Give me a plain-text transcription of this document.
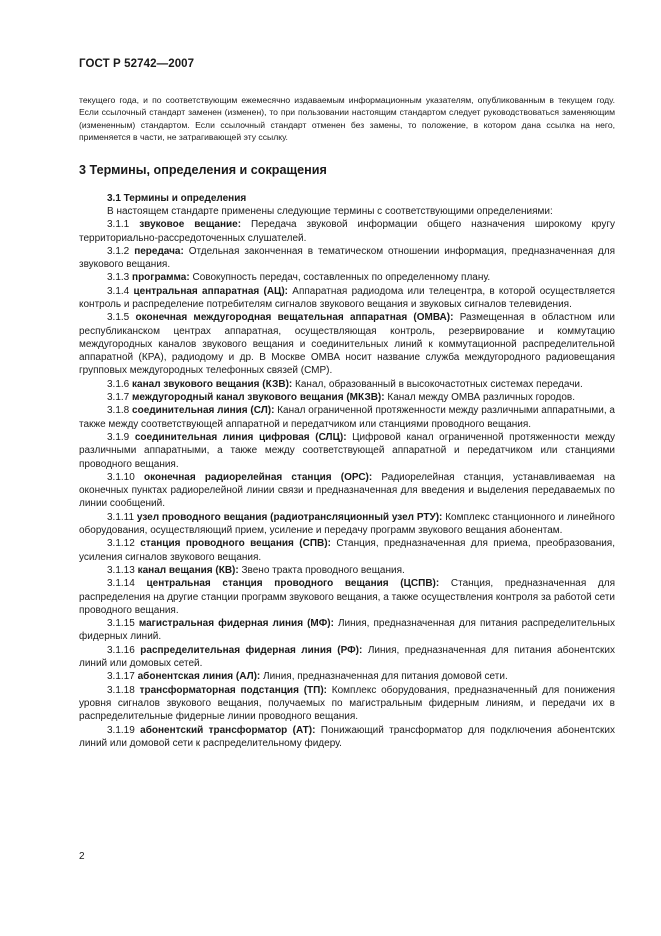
ГОСТ Р 52742—2007

текущего года, и по соответствующим ежемесячно издаваемым информационным указателям, опубликованным в текущем году. Если ссылочный стандарт заменен (изменен), то при пользовании настоящим стандартом следует руководствоваться заменяющим (измененным) стандартом. Если ссылочный стандарт отменен без замены, то положение, в котором дана ссылка на него, применяется в части, не затрагивающей эту ссылку.

3 Термины, определения и сокращения
3.1 Термины и определения

В настоящем стандарте применены следующие термины с соответствующими определениями:

3.1.1 звуковое вещание: Передача звуковой информации общего назначения широкому кругу территориально-рассредоточенных слушателей.

3.1.2 передача: Отдельная законченная в тематическом отношении информация, предназначенная для звукового вещания.

3.1.3 программа: Совокупность передач, составленных по определенному плану.

3.1.4 центральная аппаратная (АЦ): Аппаратная радиодома или телецентра, в которой осуществляется контроль и распределение потребителям сигналов звукового вещания и звуковых сигналов телевидения.

3.1.5 оконечная междугородная вещательная аппаратная (ОМВА): Размещенная в областном или республиканском центрах аппаратная, осуществляющая контроль, резервирование и коммутацию междугородных каналов звукового вещания и соединительных линий к коммутационной распределительной аппаратной (КРА), радиодому и др. В Москве ОМВА носит название служба междугородного радиовещания групповых междугородных телефонных связей (СМР).

3.1.6 канал звукового вещания (КЗВ): Канал, образованный в высокочастотных системах передачи.

3.1.7 междугородный канал звукового вещания (МКЗВ): Канал между ОМВА различных городов.

3.1.8 соединительная линия (СЛ): Канал ограниченной протяженности между различными аппаратными, а также между соответствующей аппаратной и передатчиком или станциями проводного вещания.

3.1.9 соединительная линия цифровая (СЛЦ): Цифровой канал ограниченной протяженности между различными аппаратными, а также между соответствующей аппаратной и передатчиком или станциями проводного вещания.

3.1.10 оконечная радиорелейная станция (ОРС): Радиорелейная станция, устанавливаемая на оконечных пунктах радиорелейной линии связи и предназначенная для введения и выделения передаваемых по линии сообщений.

3.1.11 узел проводного вещания (радиотрансляционный узел РТУ): Комплекс станционного и линейного оборудования, осуществляющий прием, усиление и передачу программ звукового вещания абонентам.

3.1.12 станция проводного вещания (СПВ): Станция, предназначенная для приема, преобразования, усиления сигналов звукового вещания.

3.1.13 канал вещания (КВ): Звено тракта проводного вещания.

3.1.14 центральная станция проводного вещания (ЦСПВ): Станция, предназначенная для распределения на другие станции программ звукового вещания, а также осуществления контроля за работой сети проводного вещания.

3.1.15 магистральная фидерная линия (МФ): Линия, предназначенная для питания распределительных фидерных линий.

3.1.16 распределительная фидерная линия (РФ): Линия, предназначенная для питания абонентских линий или домовых сетей.

3.1.17 абонентская линия (АЛ): Линия, предназначенная для питания домовой сети.

3.1.18 трансформаторная подстанция (ТП): Комплекс оборудования, предназначенный для понижения уровня сигналов звукового вещания, получаемых по магистральным фидерным линиям, и передачи их в распределительные фидерные линии проводного вещания.

3.1.19 абонентский трансформатор (АТ): Понижающий трансформатор для подключения абонентских линий или домовой сети к распределительному фидеру.

2
